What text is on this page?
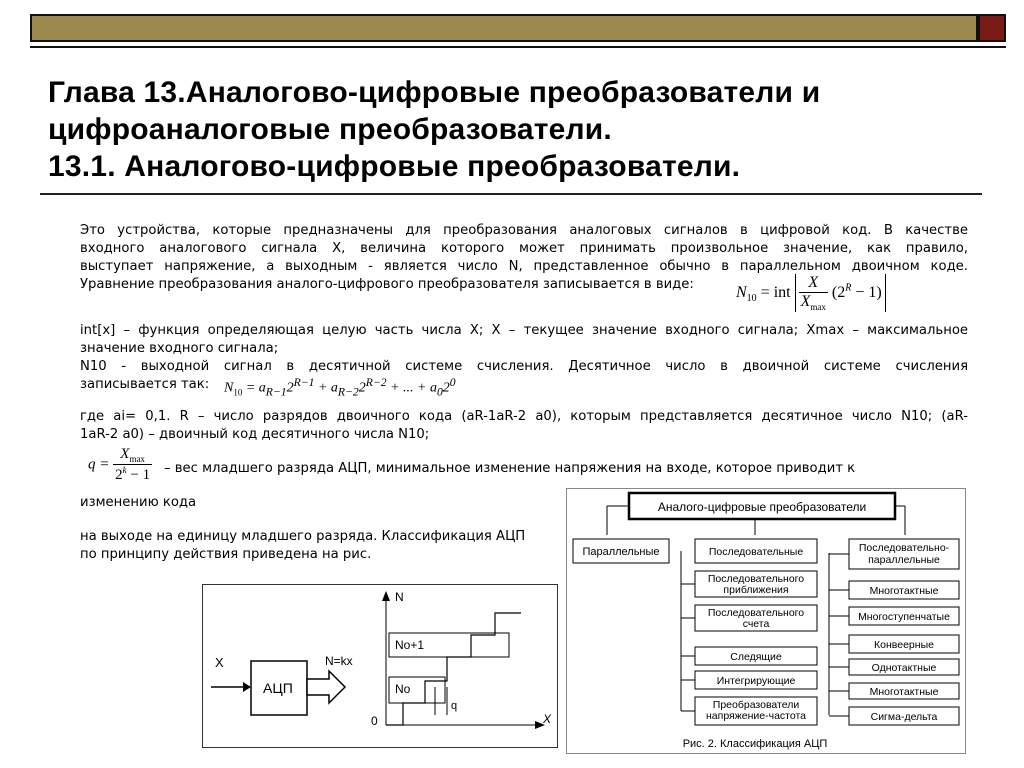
Глава 13.Аналогово-цифровые преобразователи и
цифроаналоговые преобразователи.
13.1. Аналогово-цифровые преобразователи.
Это устройства, которые предназначены для преобразования аналоговых сигналов в цифровой код. В качестве
входного аналогового сигнала X, величина которого может принимать произвольное значение, как правило,
выступает напряжение, а выходным - является число N, представленное обычно в параллельном двоичном коде.
Уравнение преобразования аналого-цифрового преобразователя записывается в виде:	$N_{10}$ = int $\frac{X}{X_{max}} (2^R - 1)$
int[x] – функция определяющая целую часть числа Х; Х – текущее значение входного сигнала; Xmax – максимальное
значение входного сигнала;
N10 - выходной сигнал в десятичной системе счисления. Десятичное число в двоичной системе счисления
записывается так:	$N_{10} = a_{R-1}2^{R-1} + a_{R-2}2^{R-2}$ + ... + $a_02^0$
где ai= 0,1. R – число разрядов двоичного кода (aR-1aR-2 a0), которым представляется десятичное число N10; (aR-
1aR-2 a0) – двоичный код десятичного числа N10;
$q = \frac{X_{max}}{2^k - 1}$ – вес младшего разряда АЦП, минимальное изменение напряжения на входе, которое приводит к
изменению кода
на выходе на единицу младшего разряда. Классификация АЦП
по принципу действия приведена на рис.
X
АЦП
N=kx
N
X
0
No+1
No
q
Аналого-цифровые преобразователи
Параллельные	Последовательные
Последовательного
приближения
Последовательного
счета
Следящие
Интегрирующие
Преобразователи
напряжение-частота
Последовательно-
параллельные
Многотактные
Многоступенчатые
Конвеерные
Однотактные
Многотактные
Сигма-дельта
Рис. 2. Классификация АЦП
